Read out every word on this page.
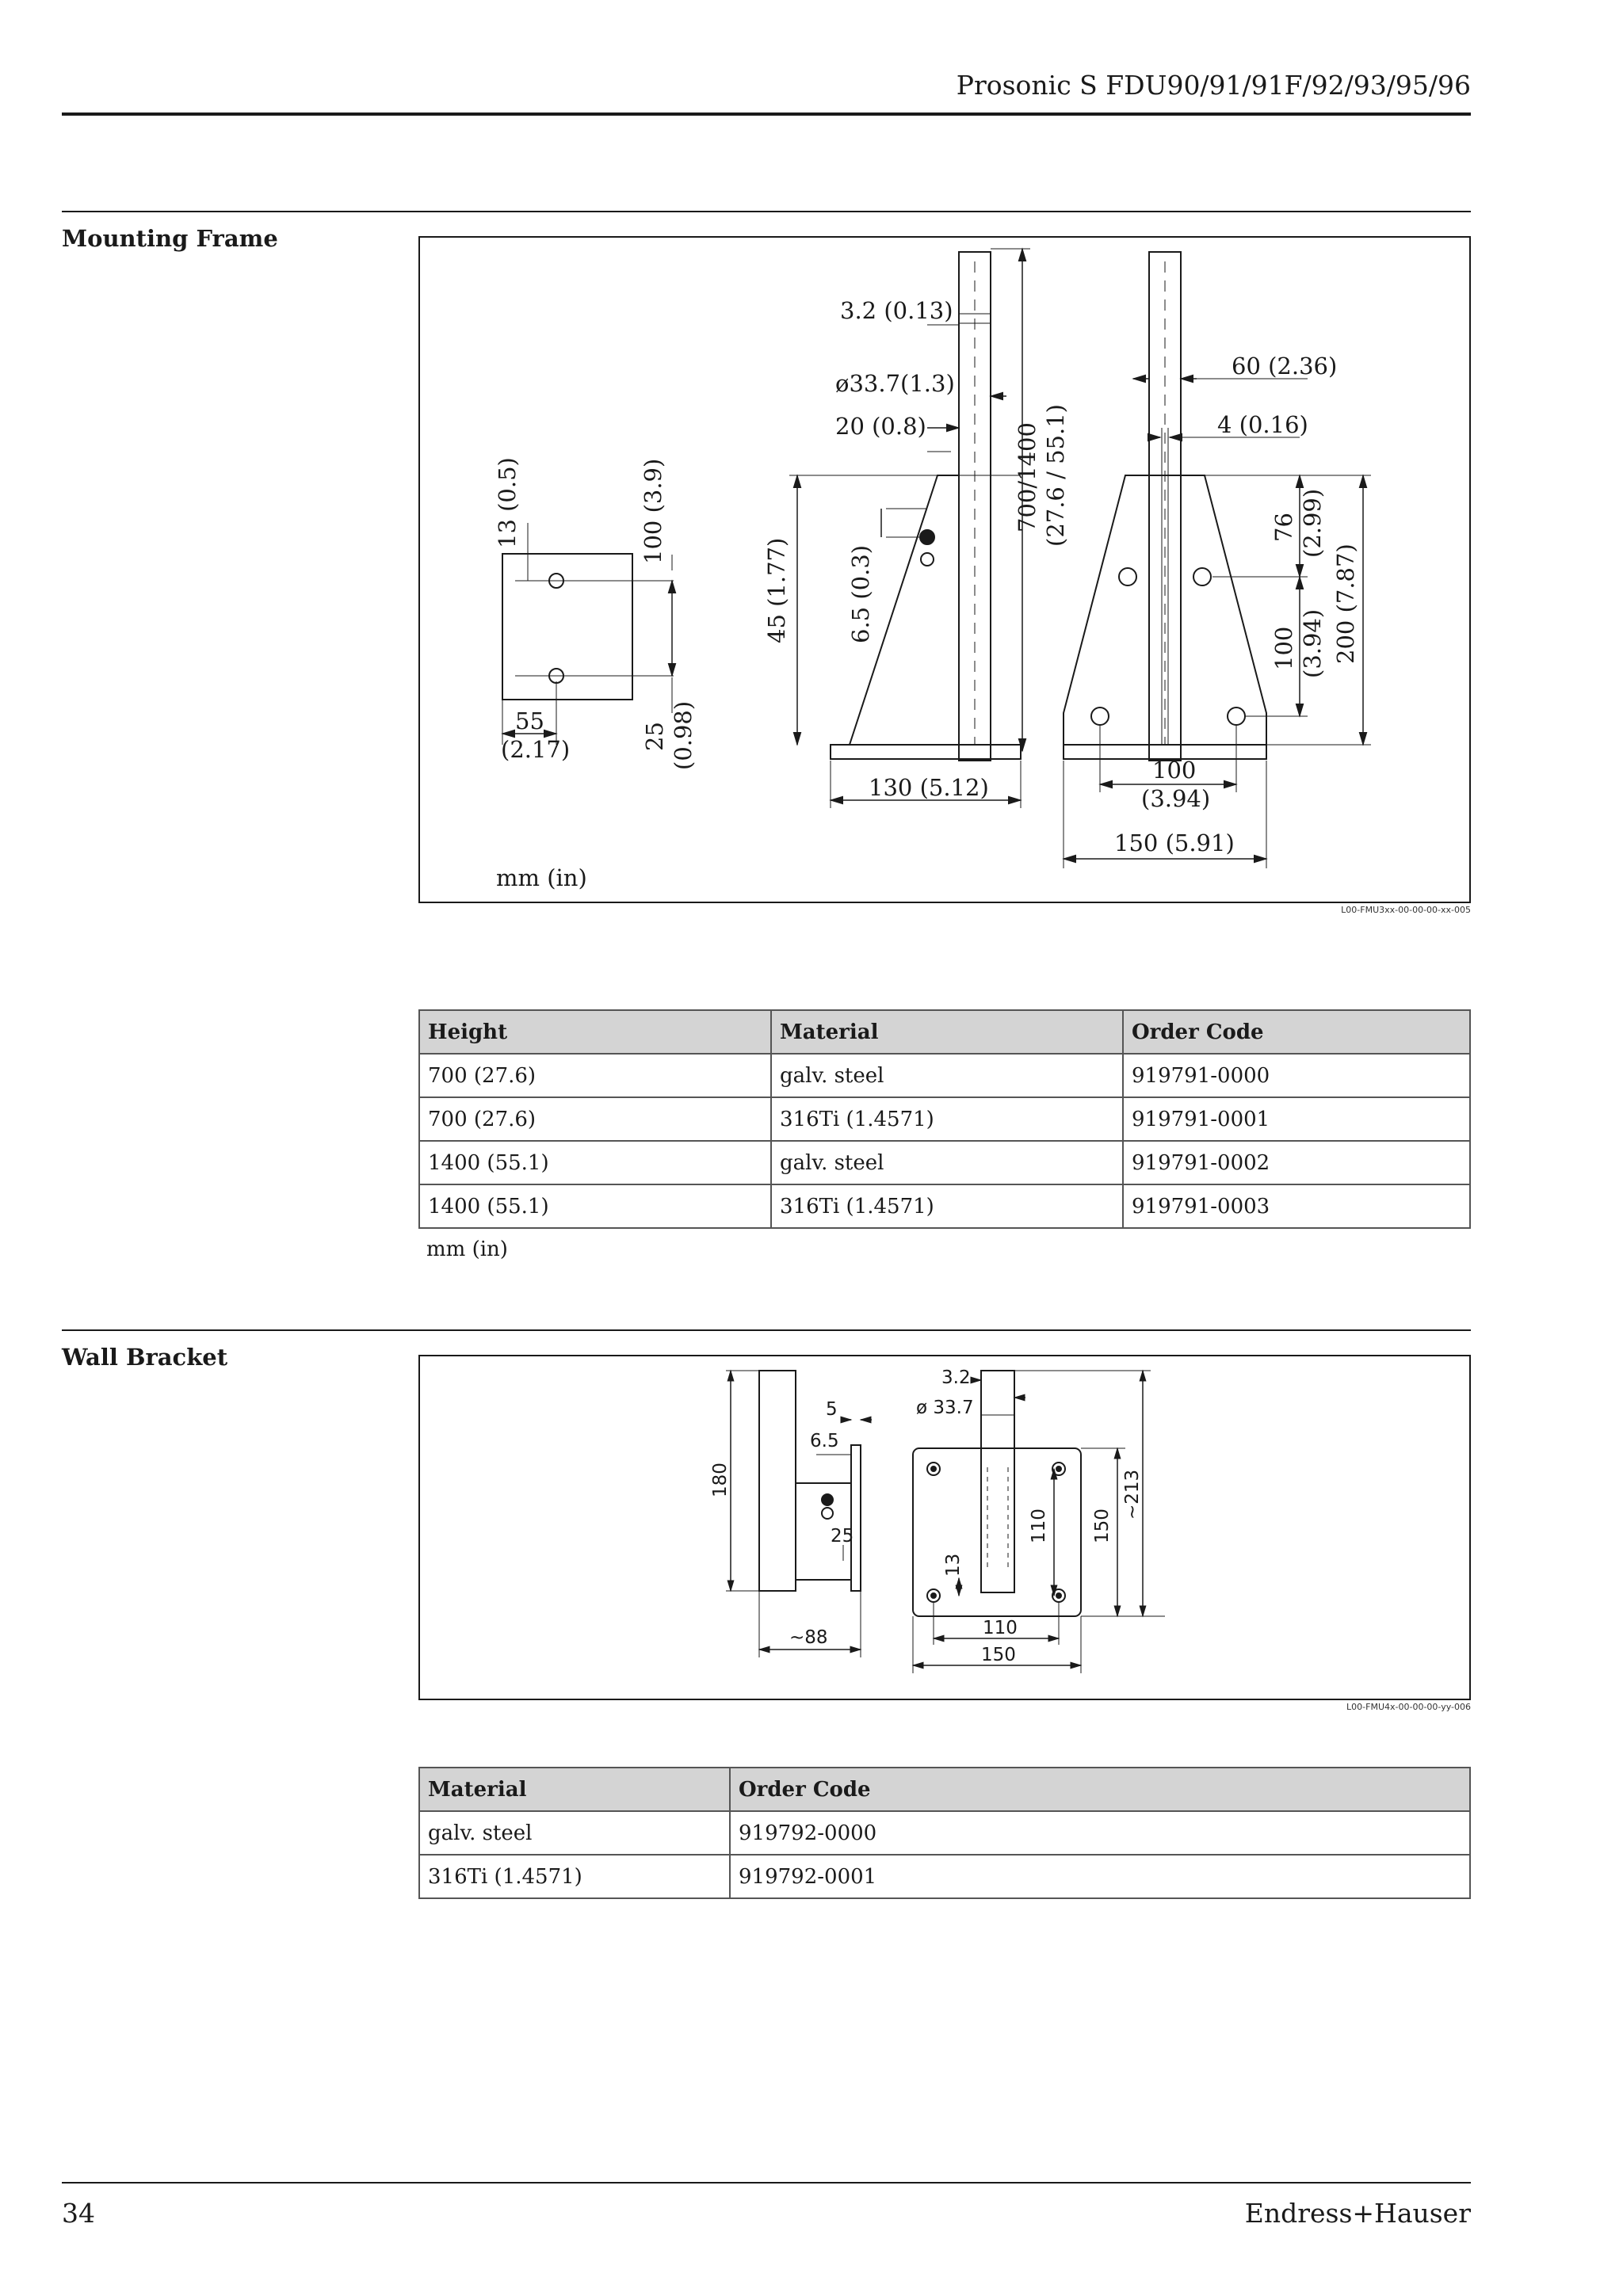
Prosonic S FDU90/91/91F/92/93/95/96
Mounting Frame
13 (0.5)	100 (3.9)
55
(2.17)	25 (0.98)
3.2 (0.13)
ø33.7(1.3)
20 (0.8)
45 (1.77) 6.5 (0.3)
700/1400 (27.6 / 55.1)
130 (5.12)
60 (2.36)
4 (0.16)
76 (2.99)
100 (3.94) 200 (7.87)
100
(3.94)
150 (5.91)
mm (in)
L00-FMU3xx-00-00-00-xx-005
Height	Material	Order Code
700 (27.6)	galv. steel	919791-0000
700 (27.6)	316Ti (1.4571)	919791-0001
1400 (55.1)	galv. steel	919791-0002
1400 (55.1)	316Ti (1.4571)	919791-0003
mm (in)
Wall Bracket
3.2
ø 33.7
5
6.5
180
25
~88
13
110 150
~213
110
150
L00-FMU4x-00-00-00-yy-006
Material	Order Code
galv. steel	919792-0000
316Ti (1.4571)	919792-0001
34	Endress+Hauser
